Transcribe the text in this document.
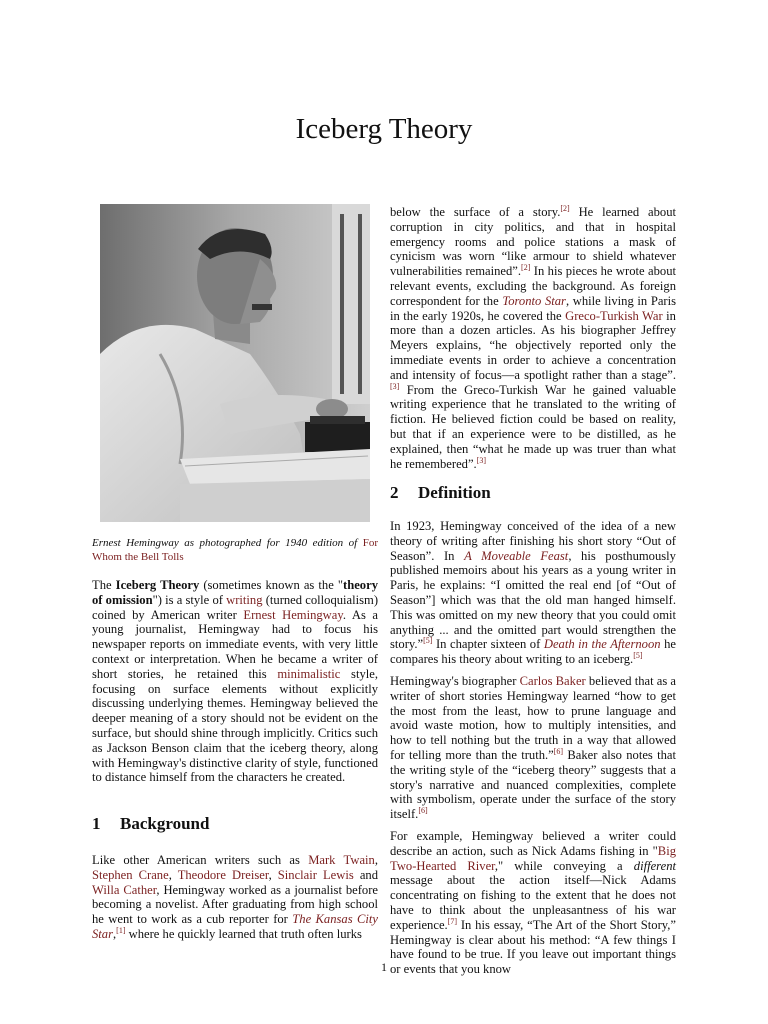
Iceberg Theory
Ernest Hemingway as photographed for 1940 edition of For Whom the Bell Tolls

The Iceberg Theory (sometimes known as the "theory of omission") is a style of writing (turned colloquialism) coined by American writer Ernest Hemingway. As a young journalist, Hemingway had to focus his newspaper reports on immediate events, with very little context or interpretation. When he became a writer of short stories, he retained this minimalistic style, focusing on surface elements without explicitly discussing underlying themes. Hemingway believed the deeper meaning of a story should not be evident on the surface, but should shine through implicitly. Critics such as Jackson Benson claim that the iceberg theory, along with Hemingway's distinctive clarity of style, functioned to distance himself from the characters he created.

1 Background

Like other American writers such as Mark Twain, Stephen Crane, Theodore Dreiser, Sinclair Lewis and Willa Cather, Hemingway worked as a journalist before becoming a novelist. After graduating from high school he went to work as a cub reporter for The Kansas City Star,[1] where he quickly learned that truth often lurks

below the surface of a story.[2] He learned about corruption in city politics, and that in hospital emergency rooms and police stations a mask of cynicism was worn “like armour to shield whatever vulnerabilities remained”.[2] In his pieces he wrote about relevant events, excluding the background. As foreign correspondent for the Toronto Star, while living in Paris in the early 1920s, he covered the Greco-Turkish War in more than a dozen articles. As his biographer Jeffrey Meyers explains, “he objectively reported only the immediate events in order to achieve a concentration and intensity of focus—a spotlight rather than a stage”.[3] From the Greco-Turkish War he gained valuable writing experience that he translated to the writing of fiction. He believed fiction could be based on reality, but that if an experience were to be distilled, as he explained, then “what he made up was truer than what he remembered”.[3]

2 Definition

In 1923, Hemingway conceived of the idea of a new theory of writing after finishing his short story “Out of Season”. In A Moveable Feast, his posthumously published memoirs about his years as a young writer in Paris, he explains: “I omitted the real end [of “Out of Season”] which was that the old man hanged himself. This was omitted on my new theory that you could omit anything ... and the omitted part would strengthen the story.”[5] In chapter sixteen of Death in the Afternoon he compares his theory about writing to an iceberg.[5]

Hemingway's biographer Carlos Baker believed that as a writer of short stories Hemingway learned “how to get the most from the least, how to prune language and avoid waste motion, how to multiply intensities, and how to tell nothing but the truth in a way that allowed for telling more than the truth.”[6] Baker also notes that the writing style of the “iceberg theory” suggests that a story's narrative and nuanced complexities, complete with symbolism, operate under the surface of the story itself.[6]

For example, Hemingway believed a writer could describe an action, such as Nick Adams fishing in "Big Two-Hearted River," while conveying a different message about the action itself—Nick Adams concentrating on fishing to the extent that he does not have to think about the unpleasantness of his war experience.[7] In his essay, “The Art of the Short Story,” Hemingway is clear about his method: “A few things I have found to be true. If you leave out important things or events that you know

1
